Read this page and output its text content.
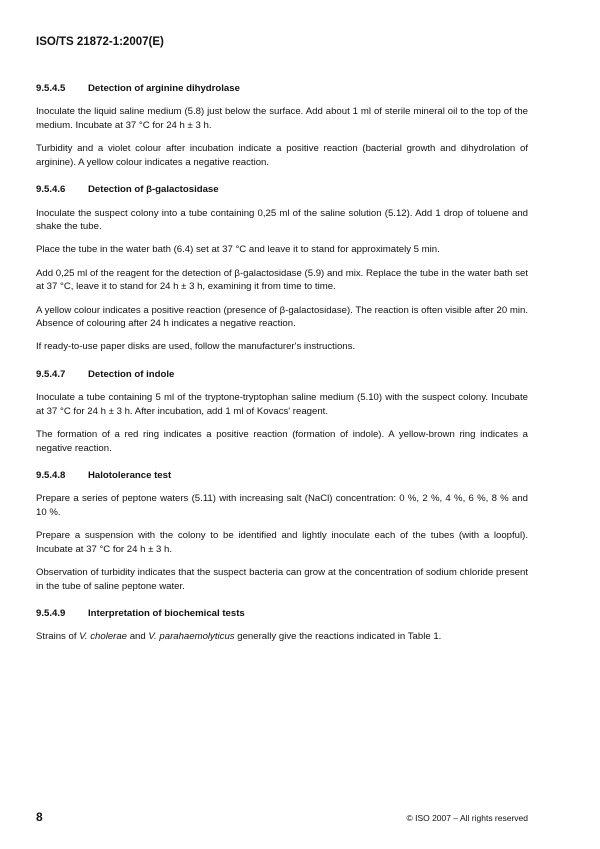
ISO/TS 21872-1:2007(E)
9.5.4.5	Detection of arginine dihydrolase

Inoculate the liquid saline medium (5.8) just below the surface. Add about 1 ml of sterile mineral oil to the top of the medium. Incubate at 37 °C for 24 h ± 3 h.

Turbidity and a violet colour after incubation indicate a positive reaction (bacterial growth and dihydrolation of arginine). A yellow colour indicates a negative reaction.

9.5.4.6	Detection of β-galactosidase

Inoculate the suspect colony into a tube containing 0,25 ml of the saline solution (5.12). Add 1 drop of toluene and shake the tube.

Place the tube in the water bath (6.4) set at 37 °C and leave it to stand for approximately 5 min.

Add 0,25 ml of the reagent for the detection of β-galactosidase (5.9) and mix. Replace the tube in the water bath set at 37 °C, leave it to stand for 24 h ± 3 h, examining it from time to time.

A yellow colour indicates a positive reaction (presence of β-galactosidase). The reaction is often visible after 20 min. Absence of colouring after 24 h indicates a negative reaction.

If ready-to-use paper disks are used, follow the manufacturer's instructions.

9.5.4.7	Detection of indole

Inoculate a tube containing 5 ml of the tryptone-tryptophan saline medium (5.10) with the suspect colony. Incubate at 37 °C for 24 h ± 3 h. After incubation, add 1 ml of Kovacs' reagent.

The formation of a red ring indicates a positive reaction (formation of indole). A yellow-brown ring indicates a negative reaction.

9.5.4.8	Halotolerance test

Prepare a series of peptone waters (5.11) with increasing salt (NaCl) concentration: 0 %, 2 %, 4 %, 6 %, 8 % and 10 %.

Prepare a suspension with the colony to be identified and lightly inoculate each of the tubes (with a loopful). Incubate at 37 °C for 24 h ± 3 h.

Observation of turbidity indicates that the suspect bacteria can grow at the concentration of sodium chloride present in the tube of saline peptone water.

9.5.4.9	Interpretation of biochemical tests

Strains of V. cholerae and V. parahaemolyticus generally give the reactions indicated in Table 1.

8	© ISO 2007 – All rights reserved
